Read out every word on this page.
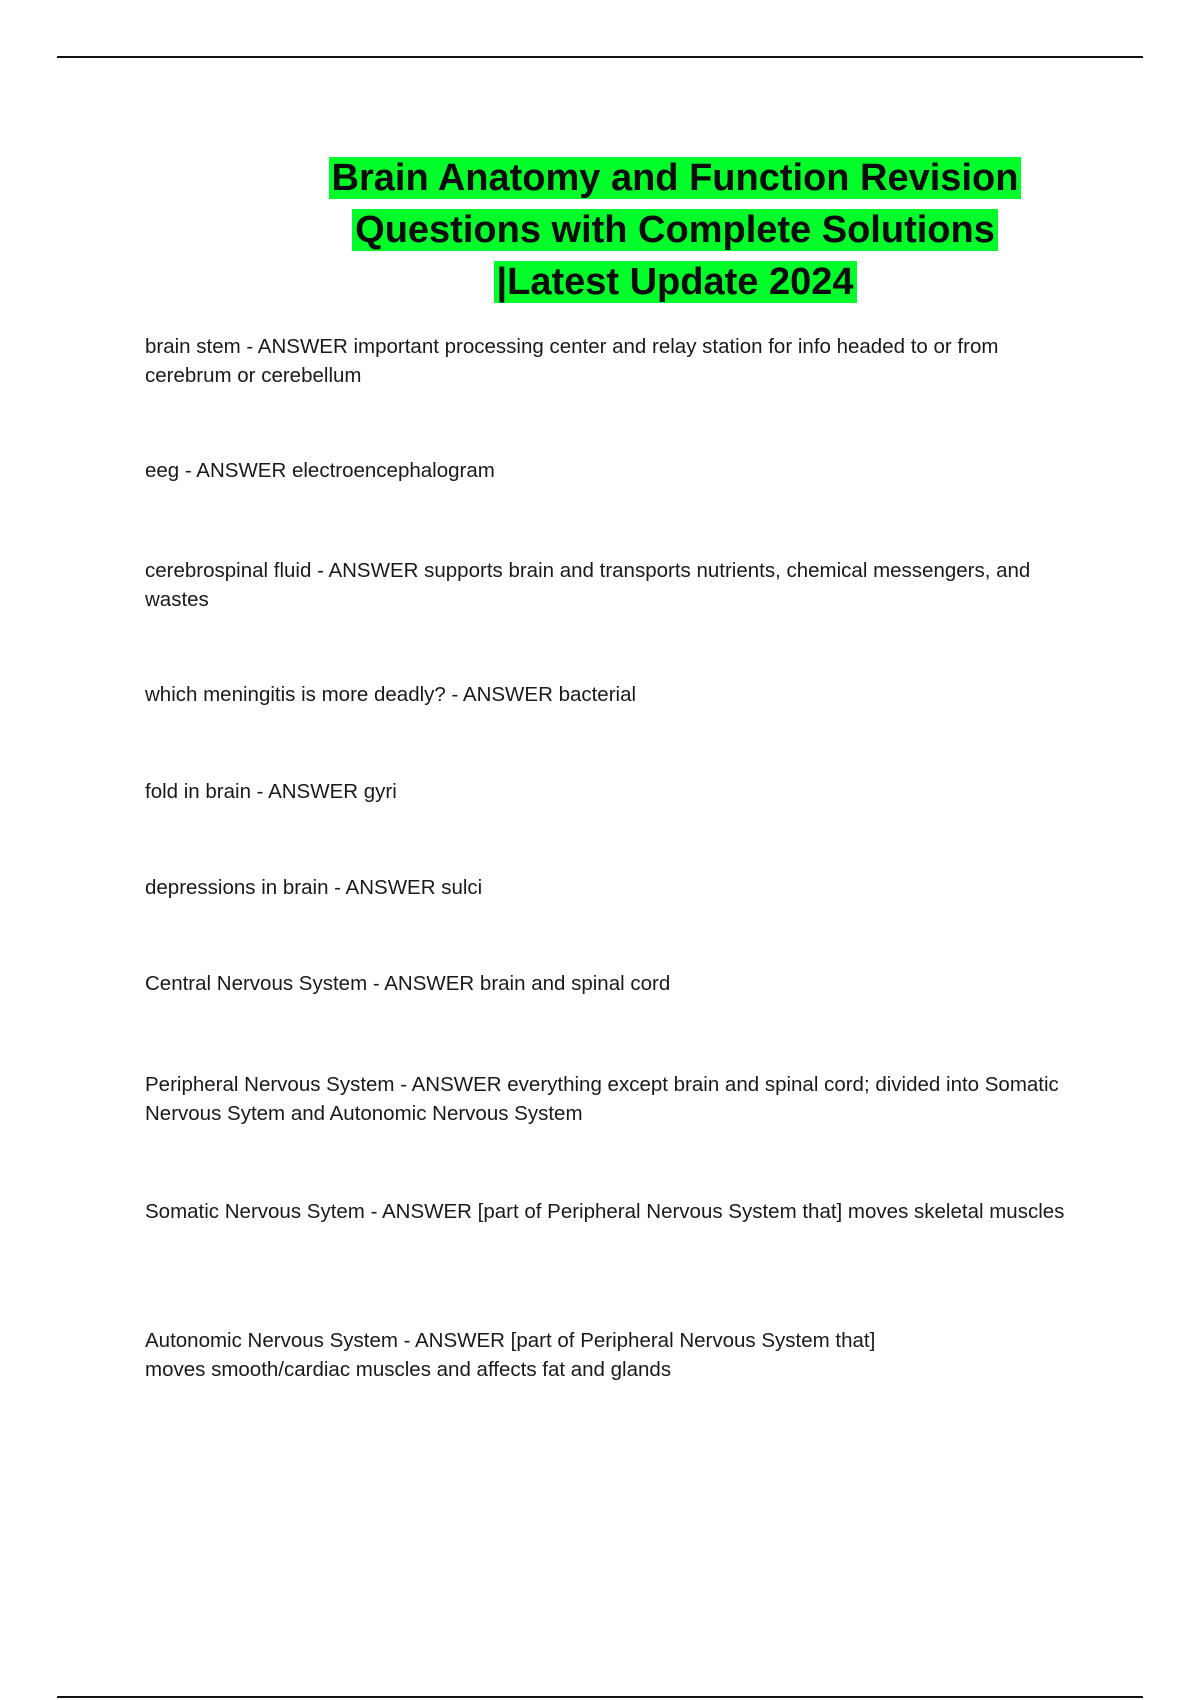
Brain Anatomy and Function Revision
Questions with Complete Solutions
|Latest Update 2024

brain stem - ANSWER important processing center and relay station for info headed to or from cerebrum or cerebellum

eeg - ANSWER electroencephalogram

cerebrospinal fluid - ANSWER supports brain and transports nutrients, chemical messengers, and wastes

which meningitis is more deadly? - ANSWER bacterial

fold in brain - ANSWER gyri

depressions in brain - ANSWER sulci

Central Nervous System - ANSWER brain and spinal cord

Peripheral Nervous System - ANSWER everything except brain and spinal cord; divided into Somatic Nervous Sytem and Autonomic Nervous System

Somatic Nervous Sytem - ANSWER [part of Peripheral Nervous System that] moves skeletal muscles

Autonomic Nervous System - ANSWER [part of Peripheral Nervous System that]
moves smooth/cardiac muscles and affects fat and glands
